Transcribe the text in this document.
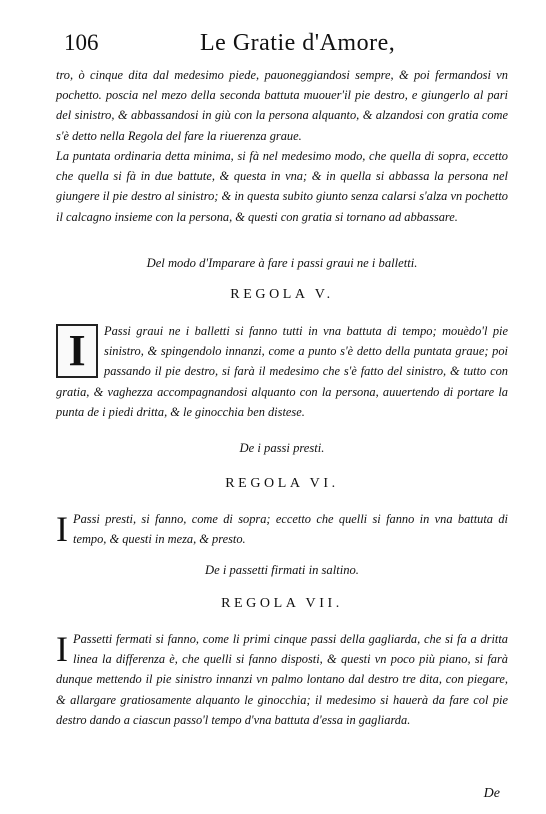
106	Le Gratie d'Amore,
tro, ò cinque dita dal medesimo piede, pauoneggiandosi sempre, & poi fermandosi vn pochetto. poscia nel mezo della seconda battuta muouer'il pie destro, e giungerlo al pari del sinistro, & abbassandosi in giù con la persona alquanto, & alzandosi con gratia come s'è detto nella Regola del fare la riuerenza graue.
La puntata ordinaria detta minima, si fà nel medesimo modo, che quella di sopra, eccetto che quella si fà in due battute, & questa in vna; & in quella si abbassa la persona nel giungere il pie destro al sinistro; & in questa subito giunto senza calarsi s'alza vn pochetto il calcagno insieme con la persona, & questi con gratia si tornano ad abbassare.
Del modo d'Imparare à fare i passi graui ne i balletti.
REGOLA V.
I	Passi graui ne i balletti si fanno tutti in vna battuta di tempo; mouèdo'l pie sinistro, & spingendolo innanzi, come a punto s'è detto della puntata graue; poi passando il pie destro, si farà il medesimo che s'è fatto del sinistro, & tutto con gratia, & vaghezza accompagnandosi alquanto con la persona, auuertendo di portare la punta de i piedi dritta, & le ginocchia ben distese.
De i passi presti.
REGOLA VI.
I Passi presti, si fanno, come di sopra; eccetto che quelli si fanno in vna battuta di tempo, & questi in meza, & presto.
De i passetti firmati in saltino.
REGOLA VII.
I Passetti fermati si fanno, come li primi cinque passi della gagliarda, che si fa a dritta linea la differenza è, che quelli si fanno disposti, & questi vn poco più piano, si farà dunque mettendo il pie sinistro innanzi vn palmo lontano dal destro tre dita, con piegare, & allargare gratiosamente alquanto le ginocchia; il medesimo si hauerà da fare col pie destro dando a ciascun passo'l tempo d'vna battuta d'essa in gagliarda.
De
